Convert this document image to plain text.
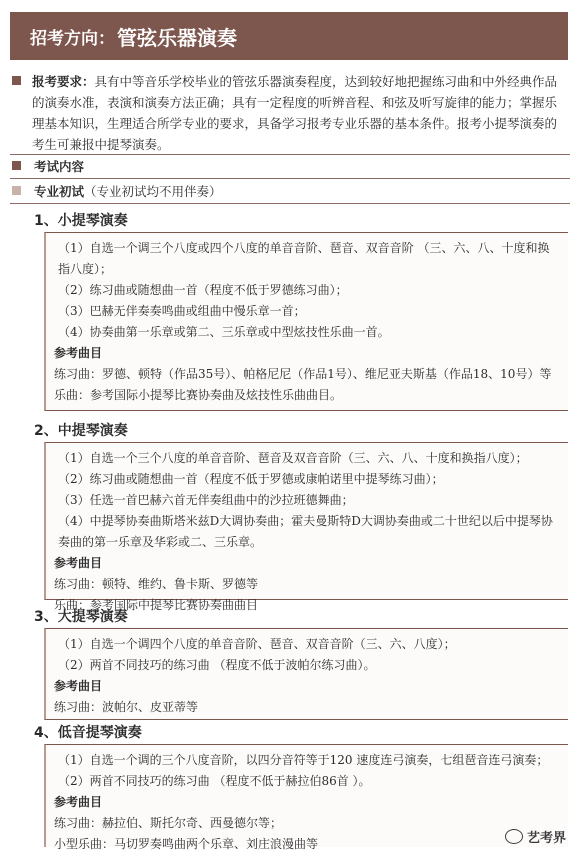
招考方向： 管弦乐器演奏

报考要求：具有中等音乐学校毕业的管弦乐器演奏程度，达到较好地把握练习曲和中外经典作品的演奏水准，表演和演奏方法正确；具有一定程度的听辨音程、和弦及听写旋律的能力；掌握乐理基本知识，生理适合所学专业的要求，具备学习报考专业乐器的基本条件。报考小提琴演奏的考生可兼报中提琴演奏。

考试内容
专业初试（专业初试均不用伴奏）
1、小提琴演奏

（1）自选一个调三个八度或四个八度的单音音阶、琶音、双音音阶 （三、六、八、十度和换指八度）；

（2）练习曲或随想曲一首（程度不低于罗德练习曲）；

（3）巴赫无伴奏奏鸣曲或组曲中慢乐章一首；

（4）协奏曲第一乐章或第二、三乐章或中型炫技性乐曲一首。

参考曲目

练习曲：罗德、顿特（作品35号）、帕格尼尼（作品1号）、维尼亚夫斯基（作品18、10号）等

乐曲：参考国际小提琴比赛协奏曲及炫技性乐曲曲目。

2、中提琴演奏

（1）自选一个三个八度的单音音阶、琶音及双音音阶（三、六、八、十度和换指八度）；

（2）练习曲或随想曲一首（程度不低于罗德或康帕诺里中提琴练习曲）；

（3）任选一首巴赫六首无伴奏组曲中的沙拉班德舞曲；

（4）中提琴协奏曲斯塔米兹D大调协奏曲；霍夫曼斯特D大调协奏曲或二十世纪以后中提琴协奏曲的第一乐章及华彩或二、三乐章。

参考曲目

练习曲：顿特、维约、鲁卡斯、罗德等

乐曲：参考国际中提琴比赛协奏曲曲目

3、大提琴演奏

（1）自选一个调四个八度的单音音阶、琶音、双音音阶（三、六、八度）；

（2）两首不同技巧的练习曲 （程度不低于波帕尔练习曲）。

参考曲目

练习曲：波帕尔、皮亚蒂等

4、低音提琴演奏

（1）自选一个调的三个八度音阶，以四分音符等于120 速度连弓演奏，七组琶音连弓演奏；

（2）两首不同技巧的练习曲 （程度不低于赫拉伯86首 ）。

参考曲目

练习曲：赫拉伯、斯托尔奇、西曼德尔等；

小型乐曲：马切罗奏鸣曲两个乐章、刘庄浪漫曲等	艺考界
